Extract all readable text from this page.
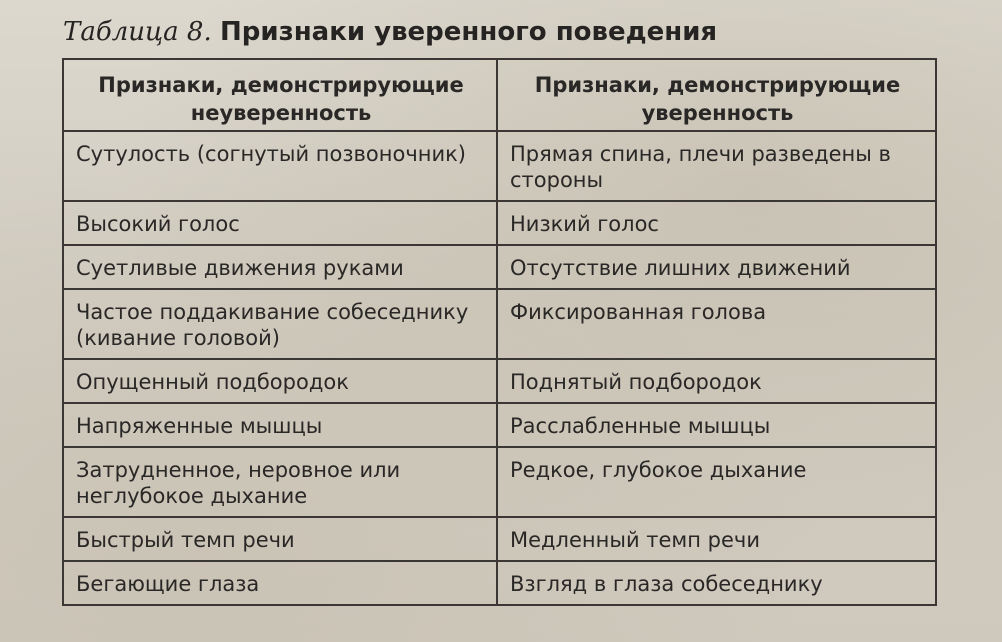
Таблица 8. Признаки уверенного поведения
Признаки, демонстрирующие неуверенность	Признаки, демонстрирующие уверенность
Сутулость (согнутый позвоночник)	Прямая спина, плечи разведены в стороны
Высокий голос	Низкий голос
Суетливые движения руками	Отсутствие лишних движений
Частое поддакивание собеседнику (кивание головой)	Фиксированная голова
Опущенный подбородок	Поднятый подбородок
Напряженные мышцы	Расслабленные мышцы
Затрудненное, неровное или неглубокое дыхание	Редкое, глубокое дыхание
Быстрый темп речи	Медленный темп речи
Бегающие глаза	Взгляд в глаза собеседнику
